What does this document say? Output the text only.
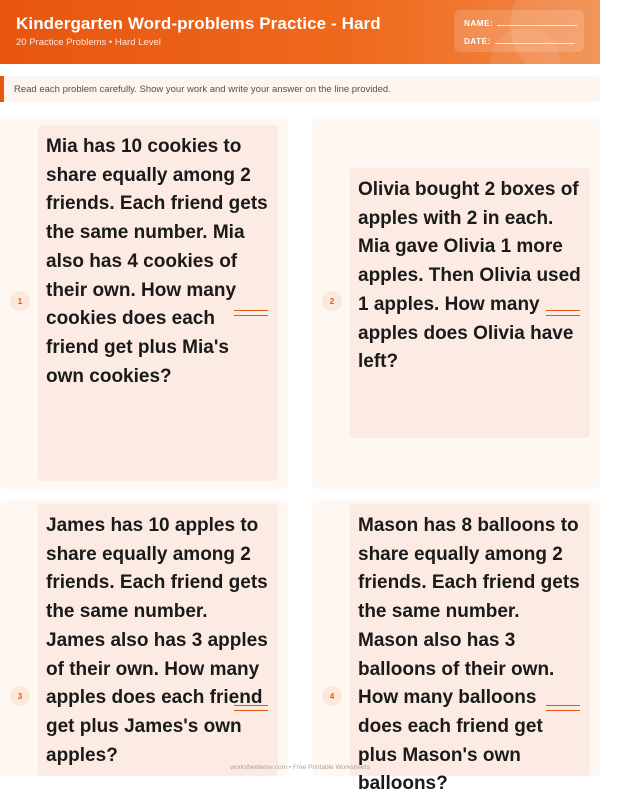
Kindergarten Word-problems Practice - Hard
20 Practice Problems • Hard Level
NAME:
DATE:
Read each problem carefully. Show your work and write your answer on the line provided.
1
Mia has 10 cookies to share equally among 2 friends. Each friend gets the same number. Mia also has 4 cookies of their own. How many cookies does each friend get plus Mia's own cookies?
2
Olivia bought 2 boxes of apples with 2 in each. Mia gave Olivia 1 more apples. Then Olivia used 1 apples. How many apples does Olivia have left?
3
James has 10 apples to share equally among 2 friends. Each friend gets the same number. James also has 3 apples of their own. How many apples does each friend get plus James's own apples?
4
Mason has 8 balloons to share equally among 2 friends. Each friend gets the same number. Mason also has 3 balloons of their own. How many balloons does each friend get plus Mason's own balloons?
worksheetwise.com • Free Printable Worksheets
